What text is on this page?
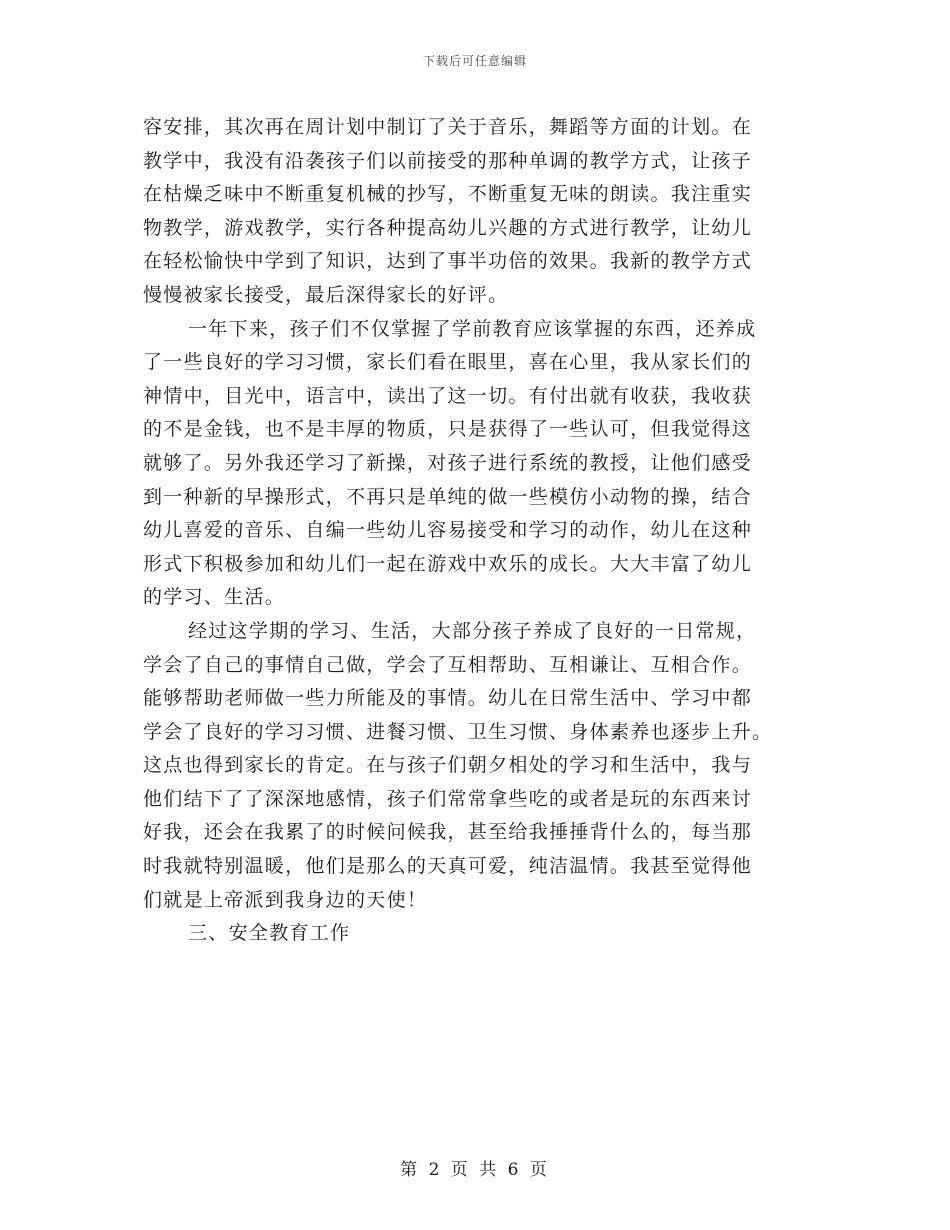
下载后可任意编辑
容安排，其次再在周计划中制订了关于音乐，舞蹈等方面的计划。在
教学中，我没有沿袭孩子们以前接受的那种单调的教学方式，让孩子
在枯燥乏味中不断重复机械的抄写，不断重复无味的朗读。我注重实
物教学，游戏教学，实行各种提高幼儿兴趣的方式进行教学，让幼儿
在轻松愉快中学到了知识，达到了事半功倍的效果。我新的教学方式
慢慢被家长接受，最后深得家长的好评。
一年下来，孩子们不仅掌握了学前教育应该掌握的东西，还养成
了一些良好的学习习惯，家长们看在眼里，喜在心里，我从家长们的
神情中，目光中，语言中，读出了这一切。有付出就有收获，我收获
的不是金钱，也不是丰厚的物质，只是获得了一些认可，但我觉得这
就够了。另外我还学习了新操，对孩子进行系统的教授，让他们感受
到一种新的早操形式，不再只是单纯的做一些模仿小动物的操，结合
幼儿喜爱的音乐、自编一些幼儿容易接受和学习的动作，幼儿在这种
形式下积极参加和幼儿们一起在游戏中欢乐的成长。大大丰富了幼儿
的学习、生活。
经过这学期的学习、生活，大部分孩子养成了良好的一日常规，
学会了自己的事情自己做，学会了互相帮助、互相谦让、互相合作。
能够帮助老师做一些力所能及的事情。幼儿在日常生活中、学习中都
学会了良好的学习习惯、进餐习惯、卫生习惯、身体素养也逐步上升。
这点也得到家长的肯定。在与孩子们朝夕相处的学习和生活中，我与
他们结下了了深深地感情，孩子们常常拿些吃的或者是玩的东西来讨
好我，还会在我累了的时候问候我，甚至给我捶捶背什么的，每当那
时我就特别温暖，他们是那么的天真可爱，纯洁温情。我甚至觉得他
们就是上帝派到我身边的天使！
三、安全教育工作
第 2 页 共 6 页
